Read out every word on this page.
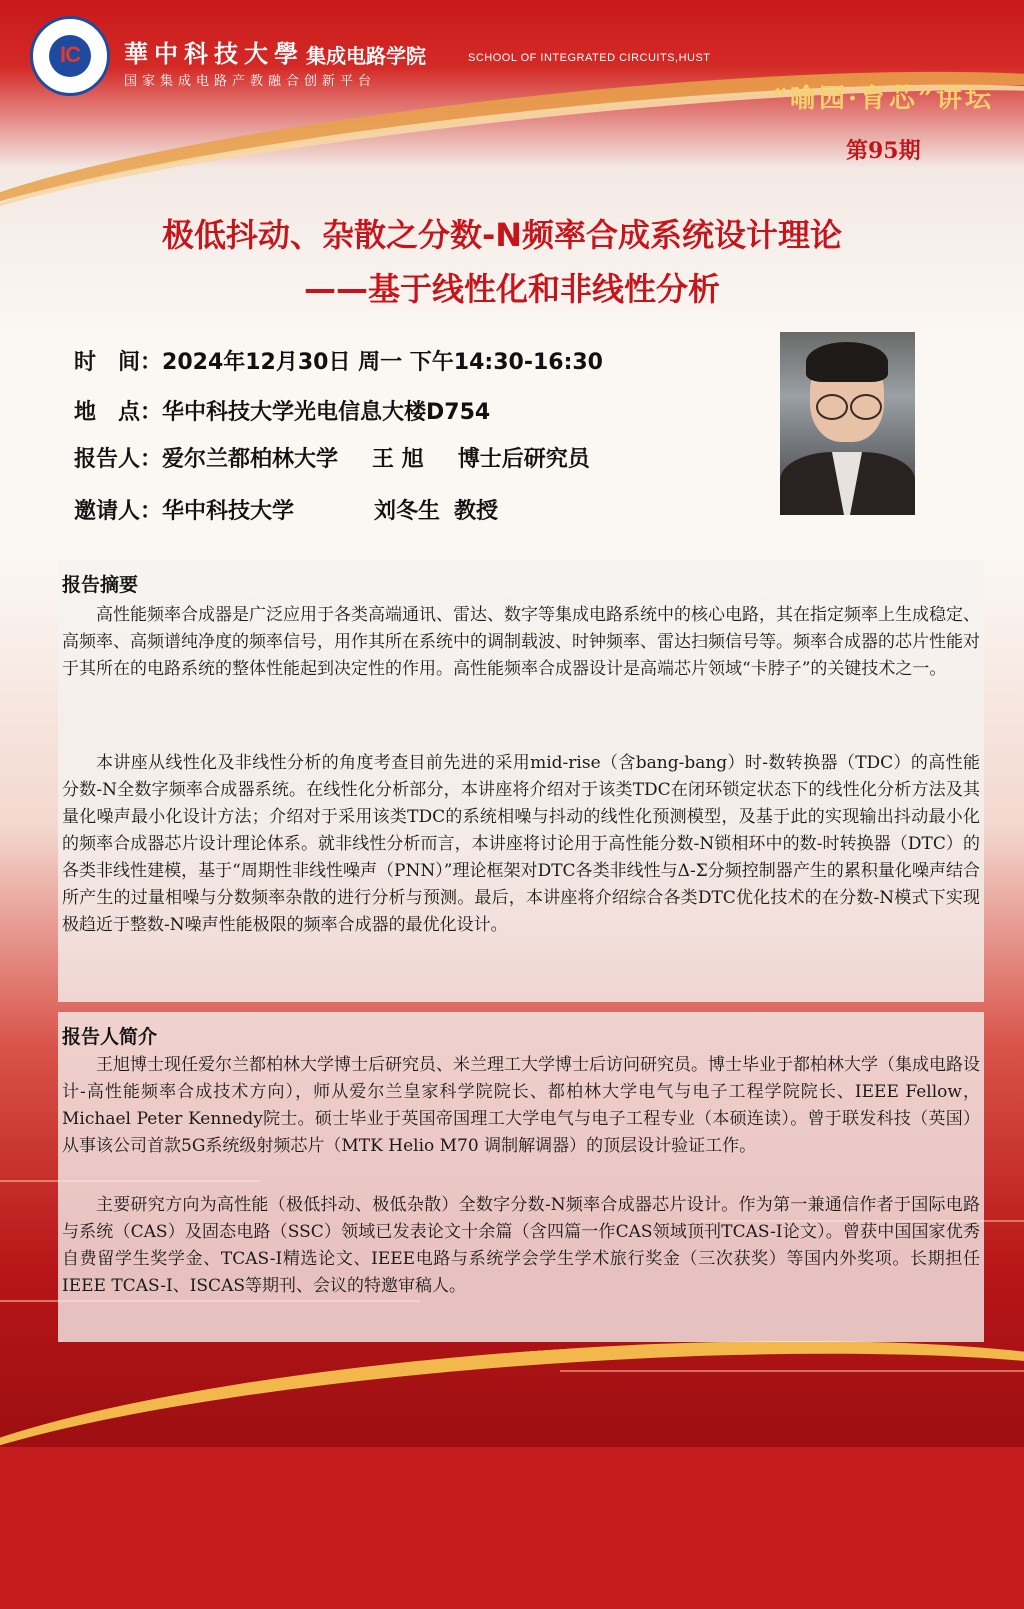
IC	華中科技大學 集成电路学院	SCHOOL OF INTEGRATED CIRCUITS,HUST
国家集成电路产教融合创新平台
“喻园·育芯”讲坛
第95期
极低抖动、杂散之分数-N频率合成系统设计理论
——基于线性化和非线性分析
时　间：2024年12月30日 周一 下午14:30-16:30
地　点：华中科技大学光电信息大楼D754
报告人：爱尔兰都柏林大学 王 旭 博士后研究员
邀请人：华中科技大学	刘冬生 教授
报告摘要

高性能频率合成器是广泛应用于各类高端通讯、雷达、数字等集成电路系统中的核心电路，其在指定频率上生成稳定、高频率、高频谱纯净度的频率信号，用作其所在系统中的调制载波、时钟频率、雷达扫频信号等。频率合成器的芯片性能对于其所在的电路系统的整体性能起到决定性的作用。高性能频率合成器设计是高端芯片领域“卡脖子”的关键技术之一。

本讲座从线性化及非线性分析的角度考查目前先进的采用mid-rise（含bang-bang）时-数转换器（TDC）的高性能分数-N全数字频率合成器系统。在线性化分析部分，本讲座将介绍对于该类TDC在闭环锁定状态下的线性化分析方法及其量化噪声最小化设计方法；介绍对于采用该类TDC的系统相噪与抖动的线性化预测模型，及基于此的实现输出抖动最小化的频率合成器芯片设计理论体系。就非线性分析而言，本讲座将讨论用于高性能分数-N锁相环中的数-时转换器（DTC）的各类非线性建模，基于“周期性非线性噪声（PNN）”理论框架对DTC各类非线性与Δ-Σ分频控制器产生的累积量化噪声结合所产生的过量相噪与分数频率杂散的进行分析与预测。最后，本讲座将介绍综合各类DTC优化技术的在分数-N模式下实现极趋近于整数-N噪声性能极限的频率合成器的最优化设计。

报告人简介

王旭博士现任爱尔兰都柏林大学博士后研究员、米兰理工大学博士后访问研究员。博士毕业于都柏林大学（集成电路设计-高性能频率合成技术方向），师从爱尔兰皇家科学院院长、都柏林大学电气与电子工程学院院长、IEEE Fellow，Michael Peter Kennedy院士。硕士毕业于英国帝国理工大学电气与电子工程专业（本硕连读）。曾于联发科技（英国）从事该公司首款5G系统级射频芯片（MTK Helio M70 调制解调器）的顶层设计验证工作。

主要研究方向为高性能（极低抖动、极低杂散）全数字分数-N频率合成器芯片设计。作为第一兼通信作者于国际电路与系统（CAS）及固态电路（SSC）领域已发表论文十余篇（含四篇一作CAS领域顶刊TCAS-I论文）。曾获中国国家优秀自费留学生奖学金、TCAS-I精选论文、IEEE电路与系统学会学生学术旅行奖金（三次获奖）等国内外奖项。长期担任IEEE TCAS-I、ISCAS等期刊、会议的特邀审稿人。
